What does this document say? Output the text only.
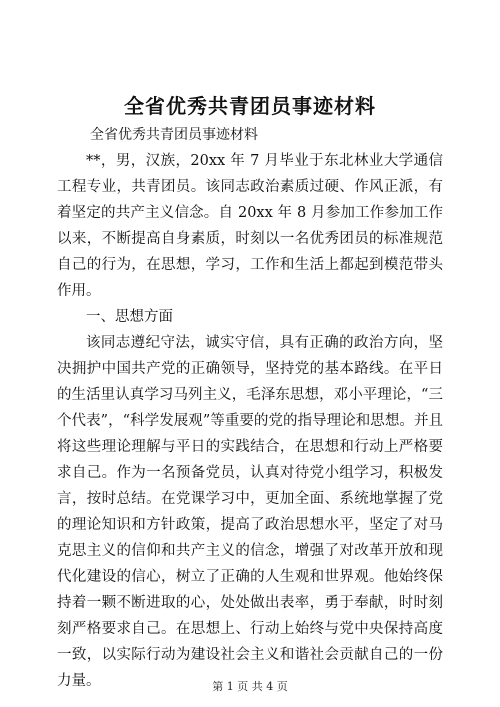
全省优秀共青团员事迹材料
全省优秀共青团员事迹材料

**，男，汉族，20xx 年 7 月毕业于东北林业大学通信工程专业，共青团员。该同志政治素质过硬、作风正派，有着坚定的共产主义信念。自 20xx 年 8 月参加工作参加工作以来，不断提高自身素质，时刻以一名优秀团员的标准规范自己的行为，在思想，学习，工作和生活上都起到模范带头作用。

一、思想方面

该同志遵纪守法，诚实守信，具有正确的政治方向，坚决拥护中国共产党的正确领导，坚持党的基本路线。在平日的生活里认真学习马列主义，毛泽东思想，邓小平理论，“三个代表”，“科学发展观”等重要的党的指导理论和思想。并且将这些理论理解与平日的实践结合，在思想和行动上严格要求自己。作为一名预备党员，认真对待党小组学习，积极发言，按时总结。在党课学习中，更加全面、系统地掌握了党的理论知识和方针政策，提高了政治思想水平，坚定了对马克思主义的信仰和共产主义的信念，增强了对改革开放和现代化建设的信心，树立了正确的人生观和世界观。他始终保持着一颗不断进取的心，处处做出表率，勇于奉献，时时刻刻严格要求自己。在思想上、行动上始终与党中央保持高度一致，以实际行动为建设社会主义和谐社会贡献自己的一份力量。	第 1 页 共 4 页
